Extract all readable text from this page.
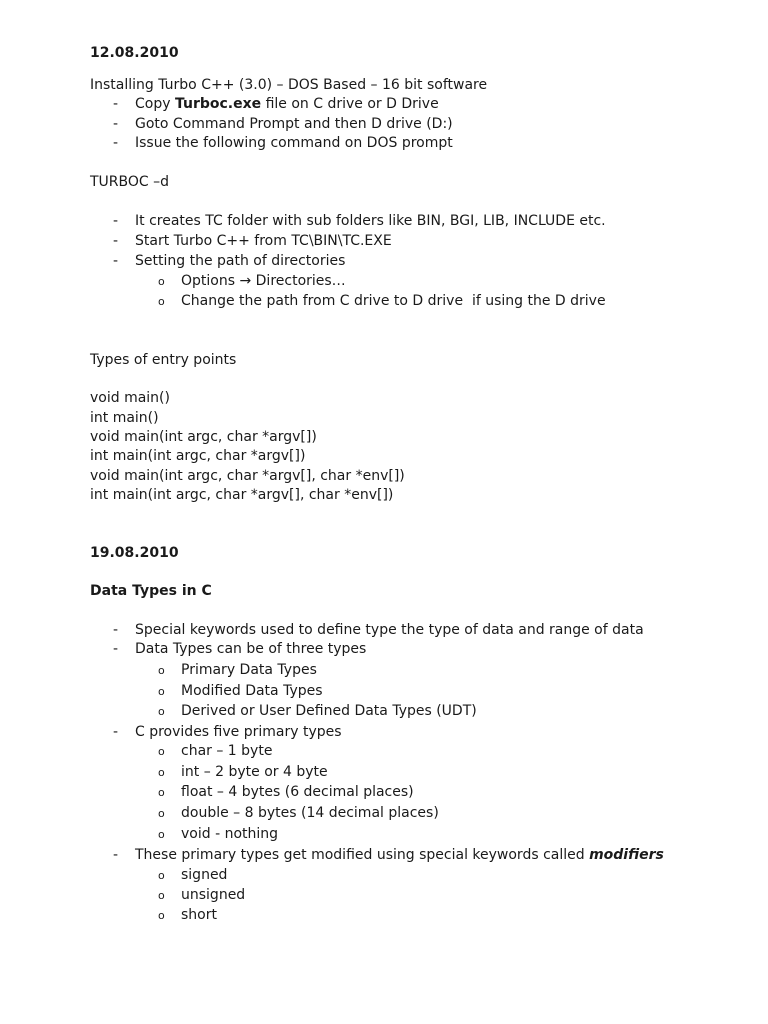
12.08.2010
Installing Turbo C++ (3.0) – DOS Based – 16 bit software
- Copy Turboc.exe file on C drive or D Drive
- Goto Command Prompt and then D drive (D:)
- Issue the following command on DOS prompt
TURBOC –d
- It creates TC folder with sub folders like BIN, BGI, LIB, INCLUDE etc.
- Start Turbo C++ from TC\BIN\TC.EXE
- Setting the path of directories
o Options → Directories…
o Change the path from C drive to D drive  if using the D drive
Types of entry points
void main()
int main()
void main(int argc, char *argv[])
int main(int argc, char *argv[])
void main(int argc, char *argv[], char *env[])
int main(int argc, char *argv[], char *env[])
19.08.2010
Data Types in C
- Special keywords used to define type the type of data and range of data
- Data Types can be of three types
o Primary Data Types
o Modified Data Types
o Derived or User Defined Data Types (UDT)
- C provides five primary types
o char – 1 byte
o int – 2 byte or 4 byte
o float – 4 bytes (6 decimal places)
o double – 8 bytes (14 decimal places)
o void - nothing
- These primary types get modified using special keywords called modifiers
o signed
o unsigned
o short
